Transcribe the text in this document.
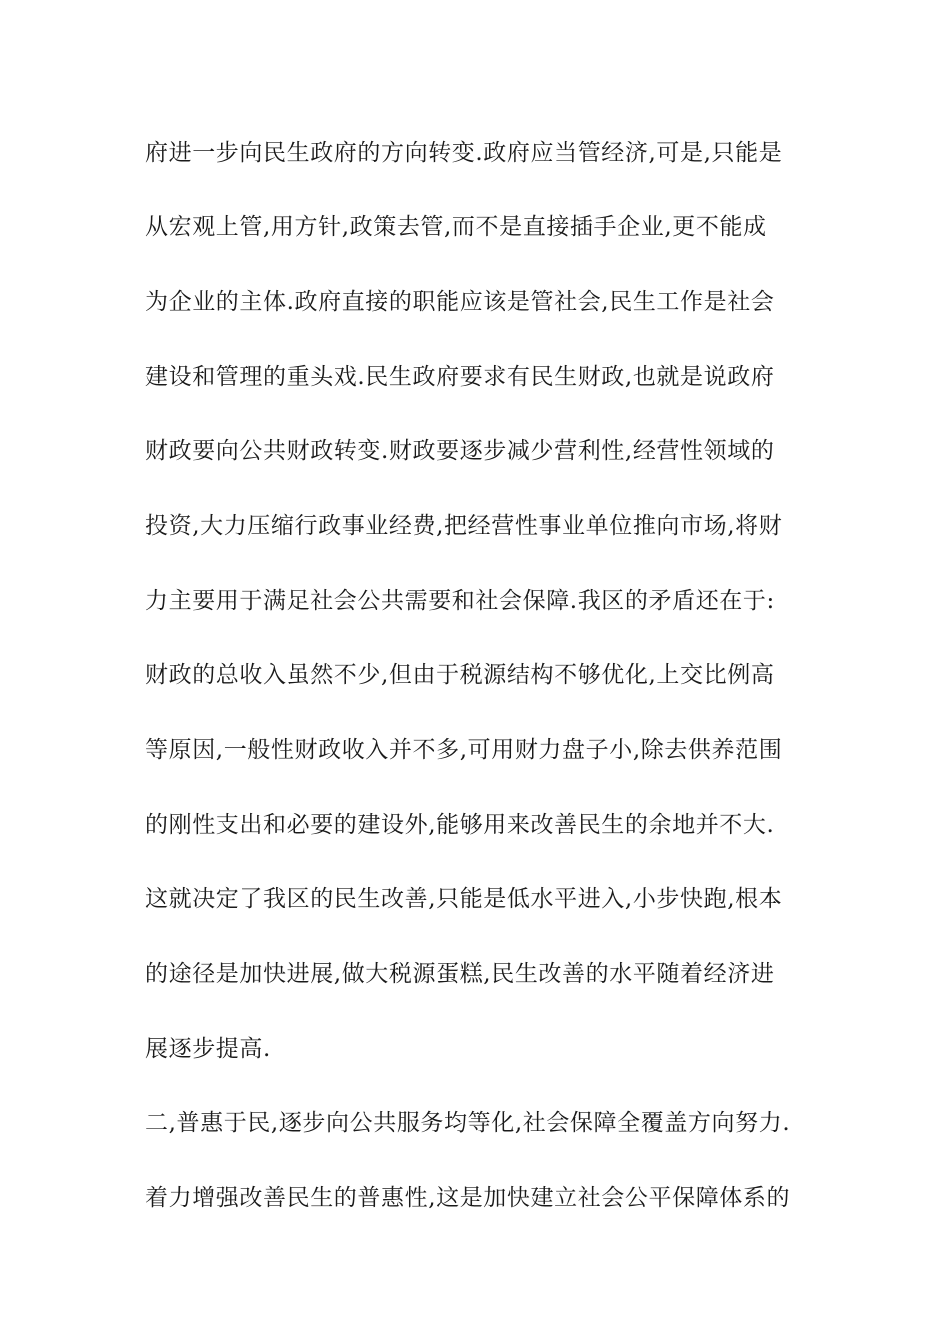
府进一步向民生政府的方向转变.政府应当管经济,可是,只能是
从宏观上管,用方针,政策去管,而不是直接插手企业,更不能成
为企业的主体.政府直接的职能应该是管社会,民生工作是社会
建设和管理的重头戏.民生政府要求有民生财政,也就是说政府
财政要向公共财政转变.财政要逐步减少营利性,经营性领域的
投资,大力压缩行政事业经费,把经营性事业单位推向市场,将财
力主要用于满足社会公共需要和社会保障.我区的矛盾还在于:
财政的总收入虽然不少,但由于税源结构不够优化,上交比例高
等原因,一般性财政收入并不多,可用财力盘子小,除去供养范围
的刚性支出和必要的建设外,能够用来改善民生的余地并不大.
这就决定了我区的民生改善,只能是低水平进入,小步快跑,根本
的途径是加快进展,做大税源蛋糕,民生改善的水平随着经济进
展逐步提高.
二,普惠于民,逐步向公共服务均等化,社会保障全覆盖方向努力.
着力增强改善民生的普惠性,这是加快建立社会公平保障体系的
